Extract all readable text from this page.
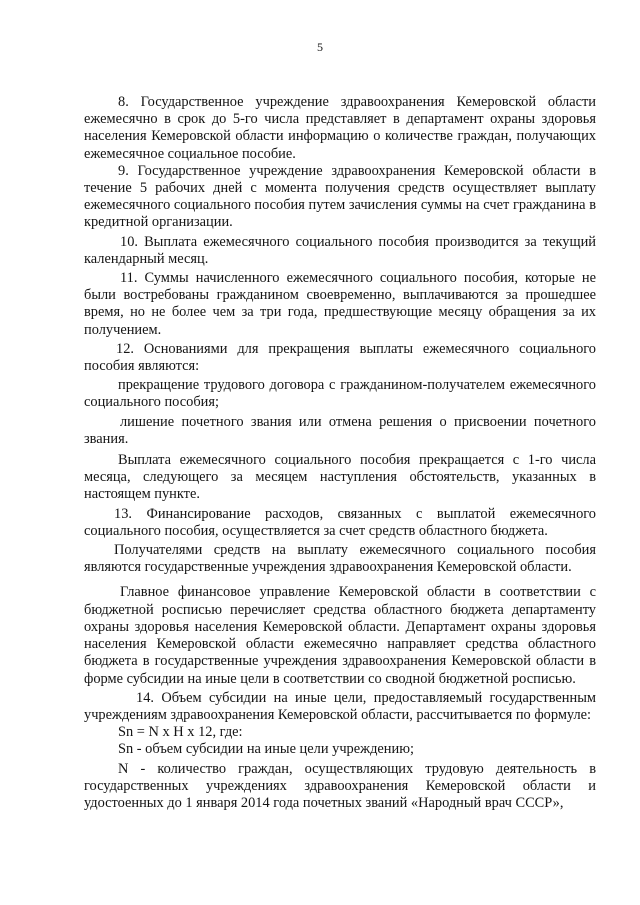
5

8. Государственное учреждение здравоохранения Кемеровской области ежемесячно в срок до 5-го числа представляет в департамент охраны здоровья населения Кемеровской области информацию о количестве граждан, получающих ежемесячное социальное пособие.

9. Государственное учреждение здравоохранения Кемеровской области в течение 5 рабочих дней с момента получения средств осуществляет выплату ежемесячного социального пособия путем зачисления суммы на счет гражданина в кредитной организации.

10. Выплата ежемесячного социального пособия производится за текущий календарный месяц.

11. Суммы начисленного ежемесячного социального пособия, которые не были востребованы гражданином своевременно, выплачиваются за прошедшее время, но не более чем за три года, предшествующие месяцу обращения за их получением.

12. Основаниями для прекращения выплаты ежемесячного социального пособия являются:

прекращение трудового договора с гражданином-получателем ежемесячного социального пособия;

лишение почетного звания или отмена решения о присвоении почетного звания.

Выплата ежемесячного социального пособия прекращается с 1-го числа месяца, следующего за месяцем наступления обстоятельств, указанных в настоящем пункте.

13. Финансирование расходов, связанных с выплатой ежемесячного социального пособия, осуществляется за счет средств областного бюджета.

Получателями средств на выплату ежемесячного социального пособия являются государственные учреждения здравоохранения Кемеровской области.

Главное финансовое управление Кемеровской области в соответствии с бюджетной росписью перечисляет средства областного бюджета департаменту охраны здоровья населения Кемеровской области. Департамент охраны здоровья населения Кемеровской области ежемесячно направляет средства областного бюджета в государственные учреждения здравоохранения Кемеровской области в форме субсидии на иные цели в соответствии со сводной бюджетной росписью.

14. Объем субсидии на иные цели, предоставляемый государственным учреждениям здравоохранения Кемеровской области, рассчитывается по формуле:

Sn = N x H x 12, где:

Sn - объем субсидии на иные цели учреждению;

N - количество граждан, осуществляющих трудовую деятельность в государственных учреждениях здравоохранения Кемеровской области и удостоенных до 1 января 2014 года почетных званий «Народный врач СССР»,
